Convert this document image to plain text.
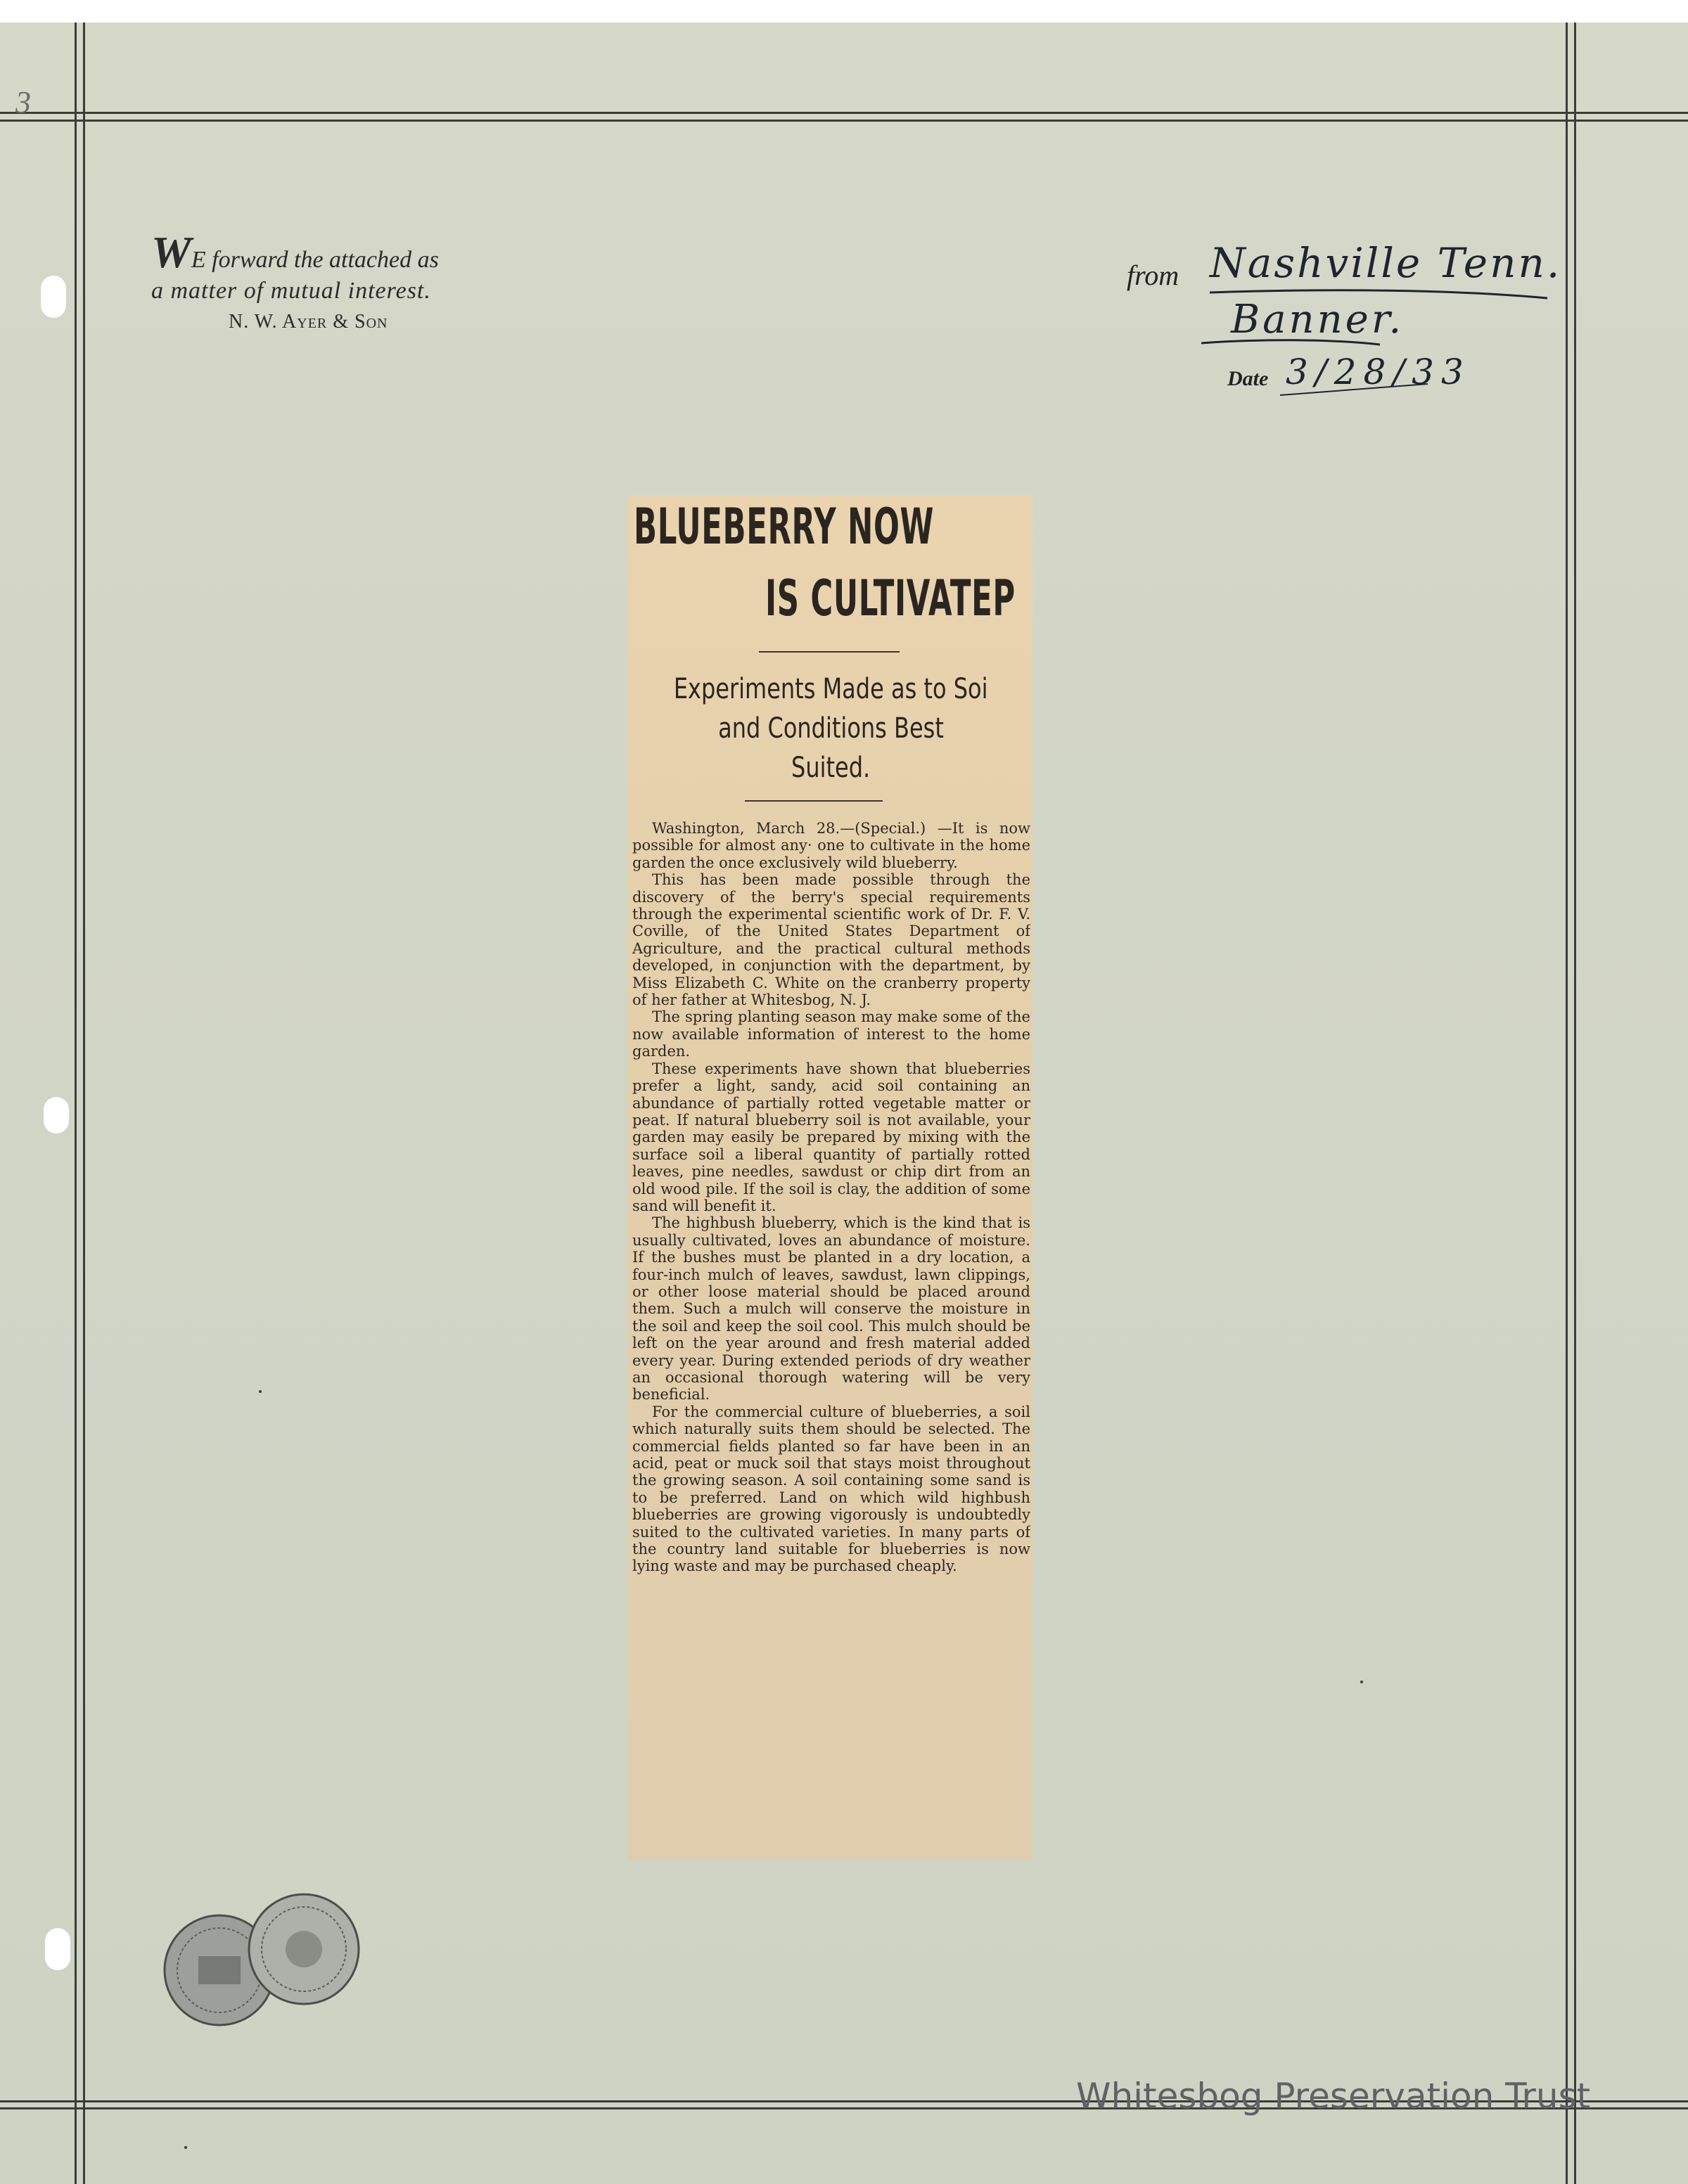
3
WE forward the attached as
a matter of mutual interest.
N. W. Ayer & Son
from Nashville Tenn.
Banner.
Date 3/28/33
BLUEBERRY NOW
IS CULTIVATEP
Experiments Made as to Soi
and Conditions Best
Suited.

Washington, March 28.—(Special.) —It is now possible for almost any· one to cultivate in the home garden the once exclusively wild blueberry.

This has been made possible through the discovery of the berry's special requirements through the experimental scientific work of Dr. F. V. Coville, of the United States Department of Agriculture, and the practical cultural methods developed, in conjunction with the department, by Miss Elizabeth C. White on the cranberry property of her father at Whitesbog, N. J.

The spring planting season may make some of the now available information of interest to the home garden.

These experiments have shown that blueberries prefer a light, sandy, acid soil containing an abundance of partially rotted vegetable matter or peat. If natural blueberry soil is not available, your garden may easily be prepared by mixing with the surface soil a liberal quantity of partially rotted leaves, pine needles, sawdust or chip dirt from an old wood pile. If the soil is clay, the addition of some sand will benefit it.

The highbush blueberry, which is the kind that is usually cultivated, loves an abundance of moisture. If the bushes must be planted in a dry location, a four-inch mulch of leaves, sawdust, lawn clippings, or other loose material should be placed around them. Such a mulch will conserve the moisture in the soil and keep the soil cool. This mulch should be left on the year around and fresh material added every year. During extended periods of dry weather an occasional thorough watering will be very beneficial.

For the commercial culture of blueberries, a soil which naturally suits them should be selected. The commercial fields planted so far have been in an acid, peat or muck soil that stays moist throughout the growing season. A soil containing some sand is to be preferred. Land on which wild highbush blueberries are growing vigorously is undoubtedly suited to the cultivated varieties. In many parts of the country land suitable for blueberries is now lying waste and may be purchased cheaply.

Whitesbog Preservation Trust
